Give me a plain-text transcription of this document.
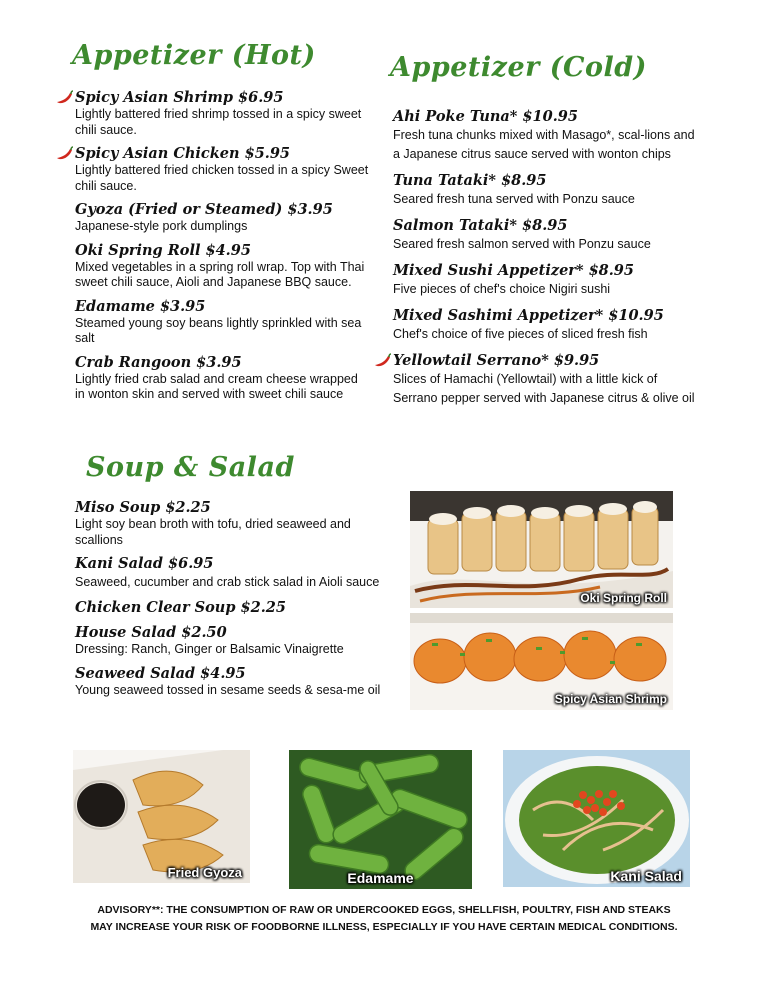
Appetizer (Hot)	Appetizer (Cold)
Soup & Salad
Spicy Asian Shrimp $6.95
Lightly battered fried shrimp tossed in a spicy sweet chili sauce.
Spicy Asian Chicken $5.95
Lightly battered fried chicken tossed in a spicy Sweet chili sauce.
Gyoza (Fried or Steamed) $3.95
Japanese-style pork dumplings
Oki Spring Roll $4.95
Mixed vegetables in a spring roll wrap. Top with Thai sweet chili sauce, Aioli and Japanese BBQ sauce.
Edamame $3.95
Steamed young soy beans lightly sprinkled with sea salt
Crab Rangoon $3.95
Lightly fried crab salad and cream cheese wrapped in wonton skin and served with sweet chili sauce
Ahi Poke Tuna* $10.95
Fresh tuna chunks mixed with Masago*, scal-lions and a Japanese citrus sauce served with wonton chips
Tuna Tataki* $8.95
Seared fresh tuna served with Ponzu sauce
Salmon Tataki* $8.95
Seared fresh salmon served with Ponzu sauce
Mixed Sushi Appetizer* $8.95
Five pieces of chef's choice Nigiri sushi
Mixed Sashimi Appetizer* $10.95
Chef's choice of five pieces of sliced fresh fish
Yellowtail Serrano* $9.95
Slices of Hamachi (Yellowtail) with a little kick of Serrano pepper served with Japanese citrus & olive oil
Miso Soup $2.25
Light soy bean broth with tofu, dried seaweed and scallions
Kani Salad $6.95
Seaweed, cucumber and crab stick salad in Aioli sauce
Chicken Clear Soup $2.25
House Salad $2.50
Dressing: Ranch, Ginger or Balsamic Vinaigrette
Seaweed Salad $4.95
Young seaweed tossed in sesame seeds & sesa-me oil
Oki Spring Roll
Spicy Asian Shrimp
Fried Gyoza	Edamame	Kani Salad
ADVISORY**: THE CONSUMPTION OF RAW OR UNDERCOOKED EGGS, SHELLFISH, POULTRY, FISH AND STEAKS
MAY INCREASE YOUR RISK OF FOODBORNE ILLNESS, ESPECIALLY IF YOU HAVE CERTAIN MEDICAL CONDITIONS.
